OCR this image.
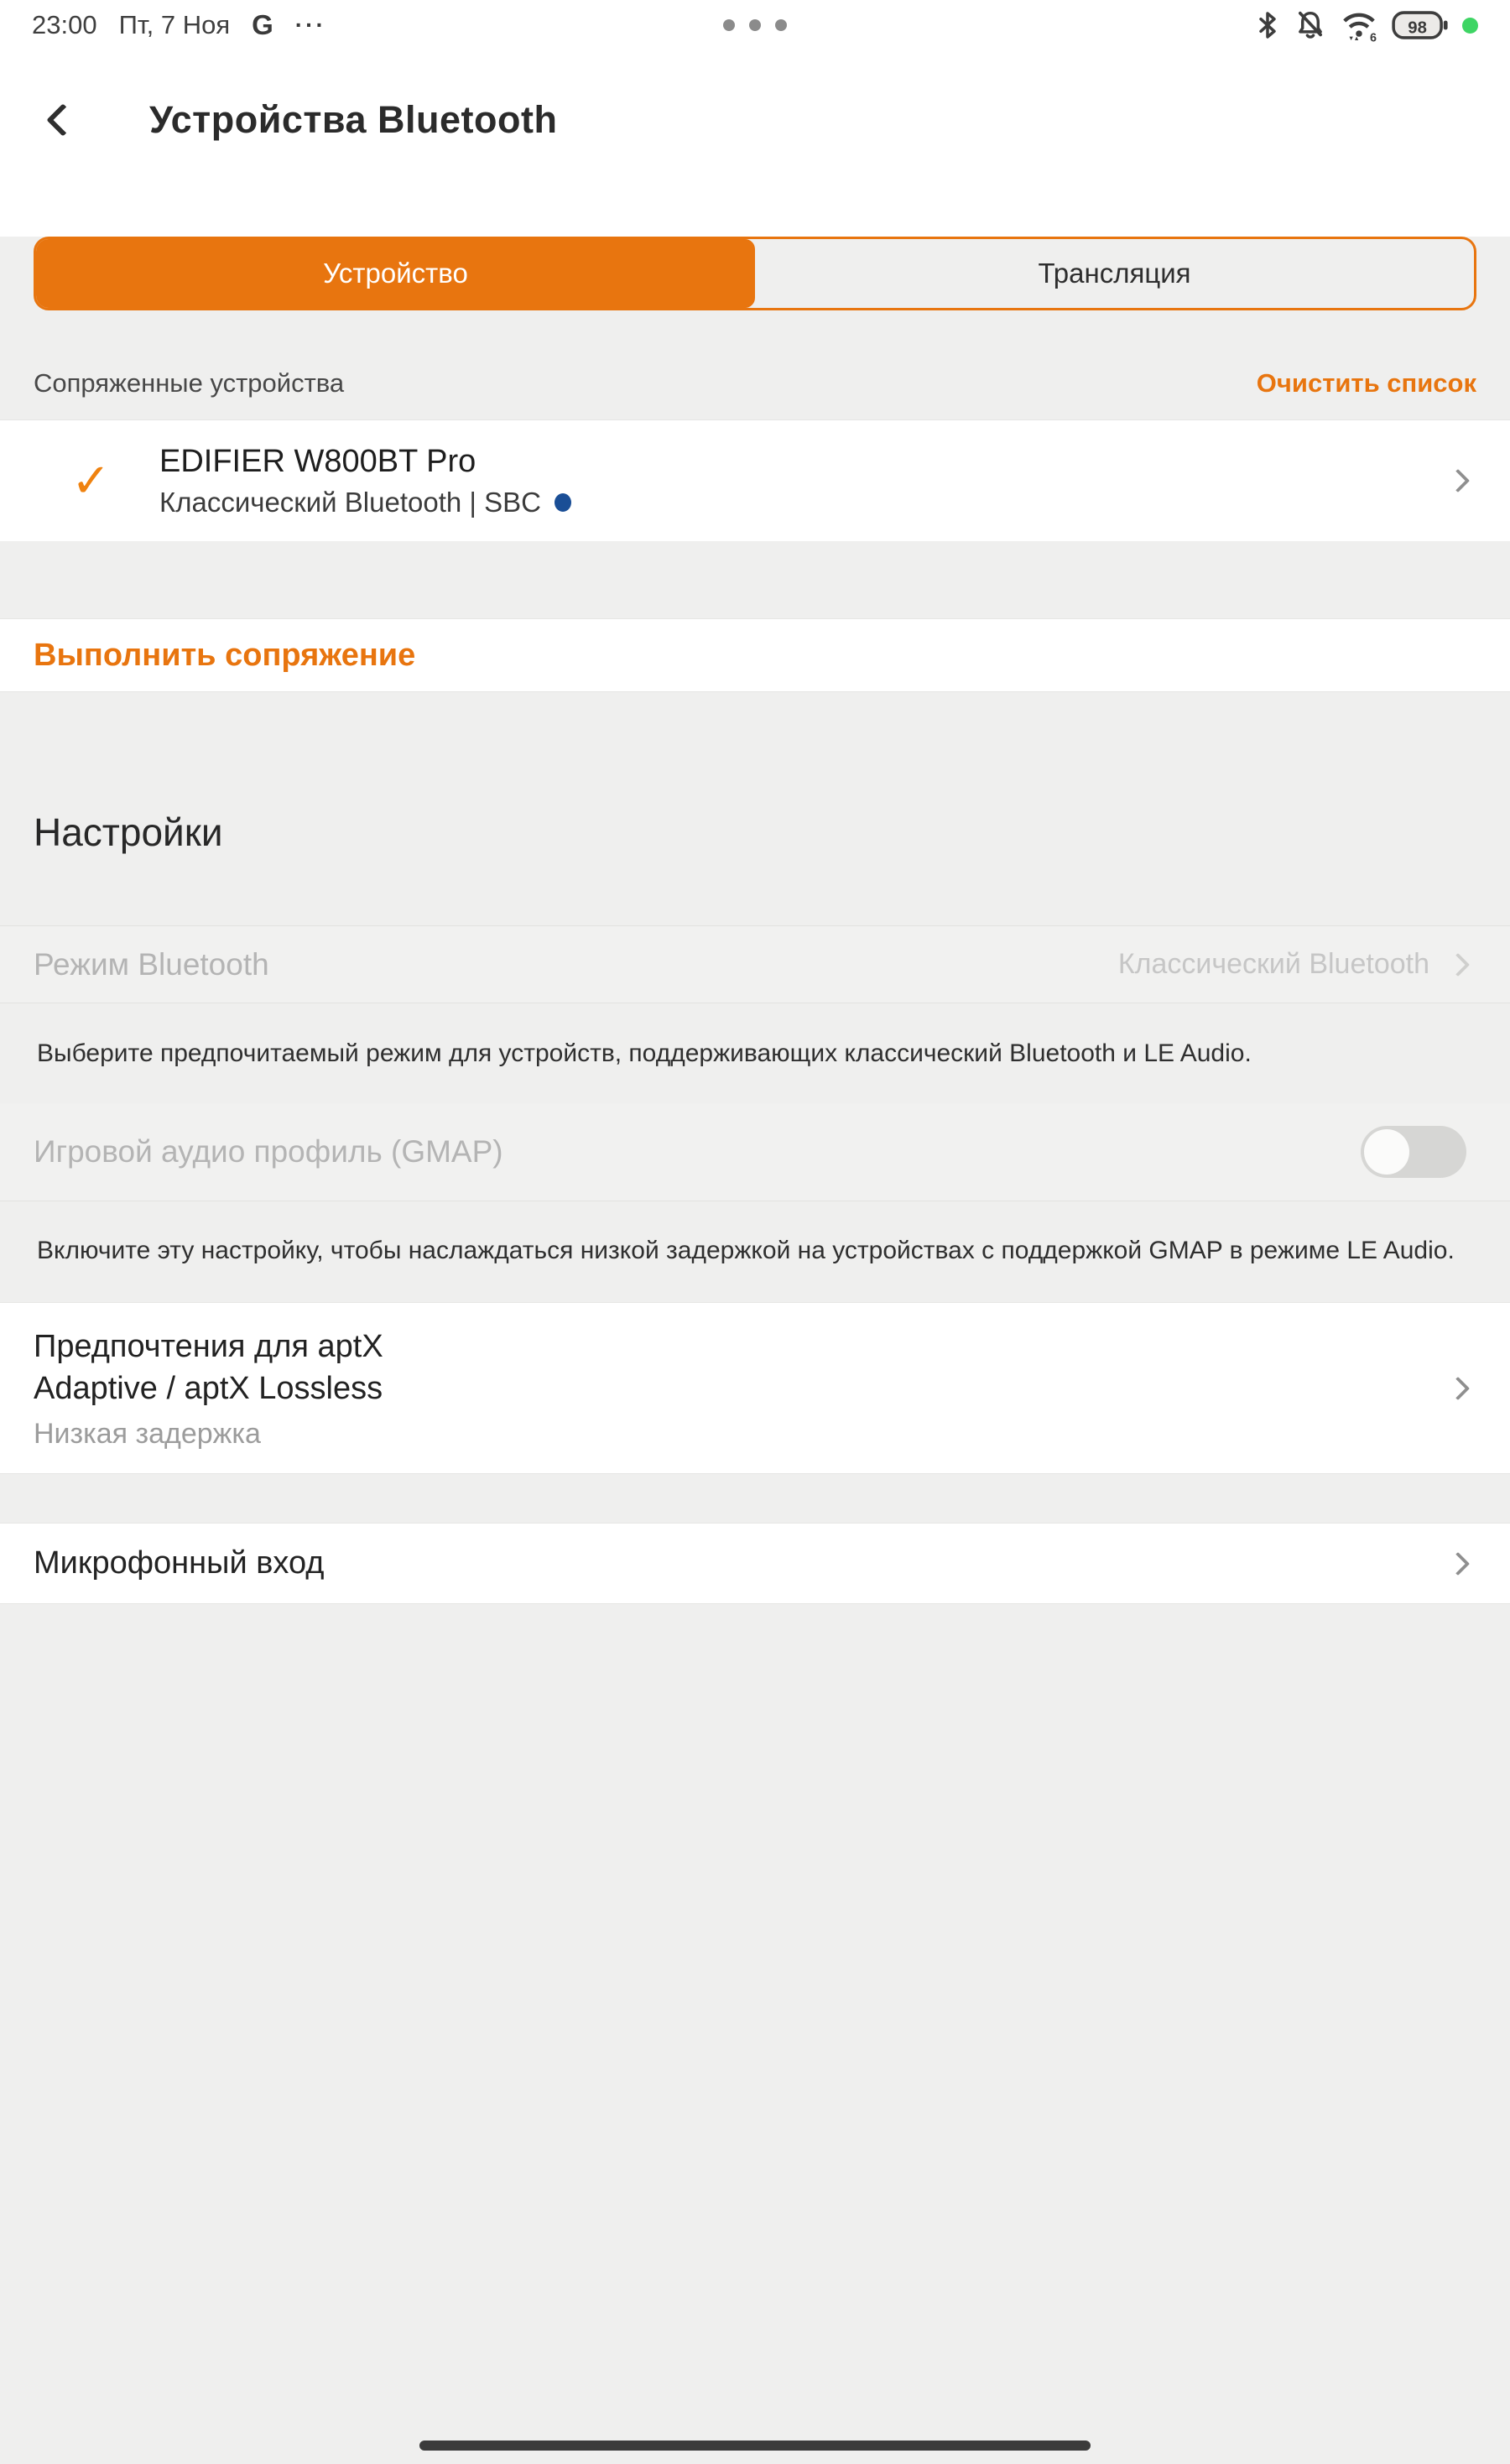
23:00 Пт, 7 Ноя G ···
6
98
Устройства Bluetooth
Устройство	Трансляция
Сопряженные устройства	Очистить список
✓	EDIFIER W800BT Pro
Классический Bluetooth | SBC
Выполнить сопряжение
Настройки
Режим Bluetooth	Классический Bluetooth
Выберите предпочитаемый режим для устройств, поддерживающих классический Bluetooth и LE Audio.
Игровой аудио профиль (GMAP)
Включите эту настройку, чтобы наслаждаться низкой задержкой на устройствах с поддержкой GMAP в режиме LE Audio.
Предпочтения для aptX Adaptive / aptX Lossless
Низкая задержка
Микрофонный вход
